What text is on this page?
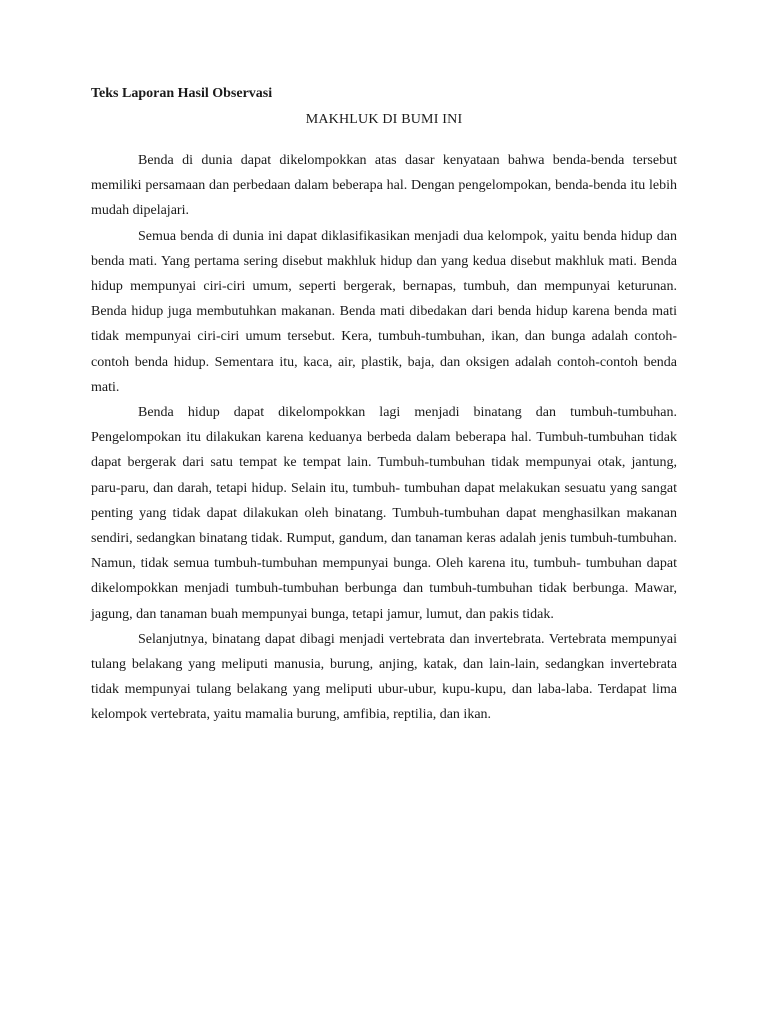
Teks Laporan Hasil Observasi
MAKHLUK DI BUMI INI

Benda di dunia dapat dikelompokkan atas dasar kenyataan bahwa benda-benda tersebut memiliki persamaan dan perbedaan dalam beberapa hal. Dengan pengelompokan, benda-benda itu lebih mudah dipelajari.

Semua benda di dunia ini dapat diklasifikasikan menjadi dua kelompok, yaitu benda hidup dan benda mati. Yang pertama sering disebut makhluk hidup dan yang kedua disebut makhluk mati. Benda hidup mempunyai ciri-ciri umum, seperti bergerak, bernapas, tumbuh, dan mempunyai keturunan. Benda hidup juga membutuhkan makanan. Benda mati dibedakan dari benda hidup karena benda mati tidak mempunyai ciri-ciri umum tersebut. Kera, tumbuh-tumbuhan, ikan, dan bunga adalah contoh-contoh benda hidup. Sementara itu, kaca, air, plastik, baja, dan oksigen adalah contoh-contoh benda mati.

Benda hidup dapat dikelompokkan lagi menjadi binatang dan tumbuh-tumbuhan. Pengelompokan itu dilakukan karena keduanya berbeda dalam beberapa hal. Tumbuh-tumbuhan tidak dapat bergerak dari satu tempat ke tempat lain. Tumbuh-tumbuhan tidak mempunyai otak, jantung, paru-paru, dan darah, tetapi hidup. Selain itu, tumbuh- tumbuhan dapat melakukan sesuatu yang sangat penting yang tidak dapat dilakukan oleh binatang. Tumbuh-tumbuhan dapat menghasilkan makanan sendiri, sedangkan binatang tidak. Rumput, gandum, dan tanaman keras adalah jenis tumbuh-tumbuhan. Namun, tidak semua tumbuh-tumbuhan mempunyai bunga. Oleh karena itu, tumbuh- tumbuhan dapat dikelompokkan menjadi tumbuh-tumbuhan berbunga dan tumbuh-tumbuhan tidak berbunga. Mawar, jagung, dan tanaman buah mempunyai bunga, tetapi jamur, lumut, dan pakis tidak.

Selanjutnya, binatang dapat dibagi menjadi vertebrata dan invertebrata. Vertebrata mempunyai tulang belakang yang meliputi manusia, burung, anjing, katak, dan lain-lain, sedangkan invertebrata tidak mempunyai tulang belakang yang meliputi ubur-ubur, kupu-kupu, dan laba-laba. Terdapat lima kelompok vertebrata, yaitu mamalia burung, amfibia, reptilia, dan ikan.
